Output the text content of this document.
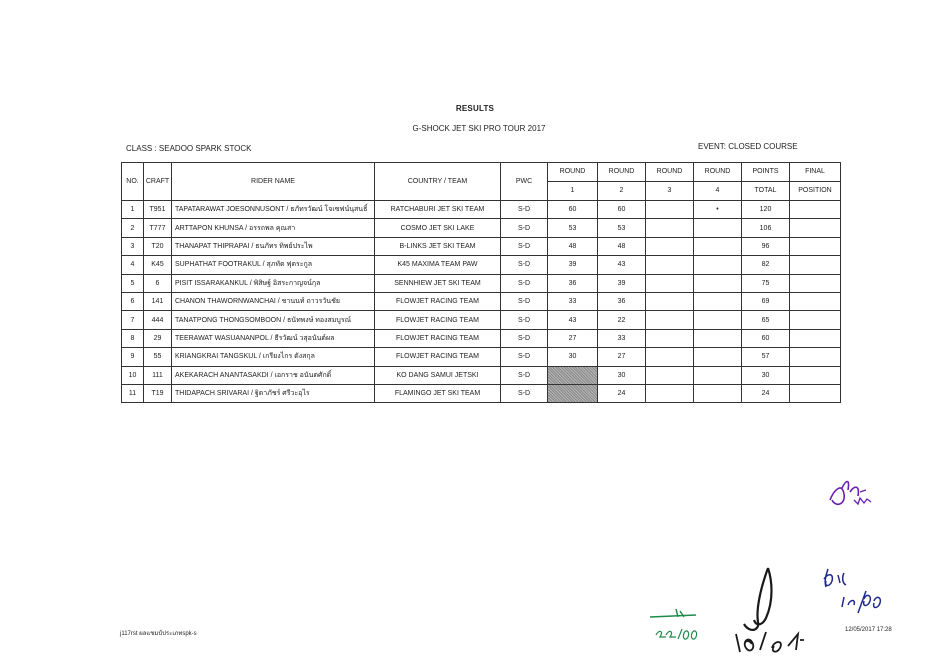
RESULTS
G-SHOCK JET SKI PRO TOUR 2017
CLASS : SEADOO SPARK STOCK	EVENT: CLOSED COURSE
NO.	CRAFT	RIDER NAME	COUNTRY / TEAM	PWC	ROUND	ROUND	ROUND	ROUND	POINTS	FINAL
					1	2	3	4	TOTAL	POSITION
1	T951	TAPATARAWAT JOESONNUSONT / ธภัทรวัฒน์ โจเซฟน์นุสนธิ์	RATCHABURI JET SKI TEAM	S-D	60	60		•	120	
2	T777	ARTTAPON KHUNSA / อรรถพล คุณสา	COSMO JET SKI LAKE	S-D	53	53			106	
3	T20	THANAPAT THIPRAPAI / ธนภัทร ทิพย์ประไพ	B-LINKS JET SKI TEAM	S-D	48	48			96	
4	K45	SUPHATHAT FOOTRAKUL / สุภทัต ฟุตระกูล	K45 MAXIMA TEAM PAW	S-D	39	43			82	
5	6	PISIT ISSARAKANKUL / พิสิษฐ์ อิสระกาญจน์กุล	SENNHIEW JET SKI TEAM	S-D	36	39			75	
6	141	CHANON THAWORNWANCHAI / ชานนท์ ถาวรวันชัย	FLOWJET RACING TEAM	S-D	33	36			69	
7	444	TANATPONG THONGSOMBOON / ธนัทพงษ์ ทองสมบูรณ์	FLOWJET RACING TEAM	S-D	43	22			65	
8	29	TEERAWAT WASUANANPOL / ธีรวัฒน์ วสุอนันต์ผล	FLOWJET RACING TEAM	S-D	27	33			60	
9	55	KRIANGKRAI TANGSKUL / เกรียงไกร ตังสกุล	FLOWJET RACING TEAM	S-D	30	27			57	
10	111	AKEKARACH ANANTASAKDI / เอกราช อนันตศักดิ์	KO DANG SAMUI JETSKI	S-D		30			30	
11	T19	THIDAPACH SRIVARAI / ฐิดาภัชร์ ศรีวะอุไร	FLAMINGO JET SKI TEAM	S-D		24			24	
j117rst ผลแชมป์ประเภทspk-s
12/05/2017 17:28
